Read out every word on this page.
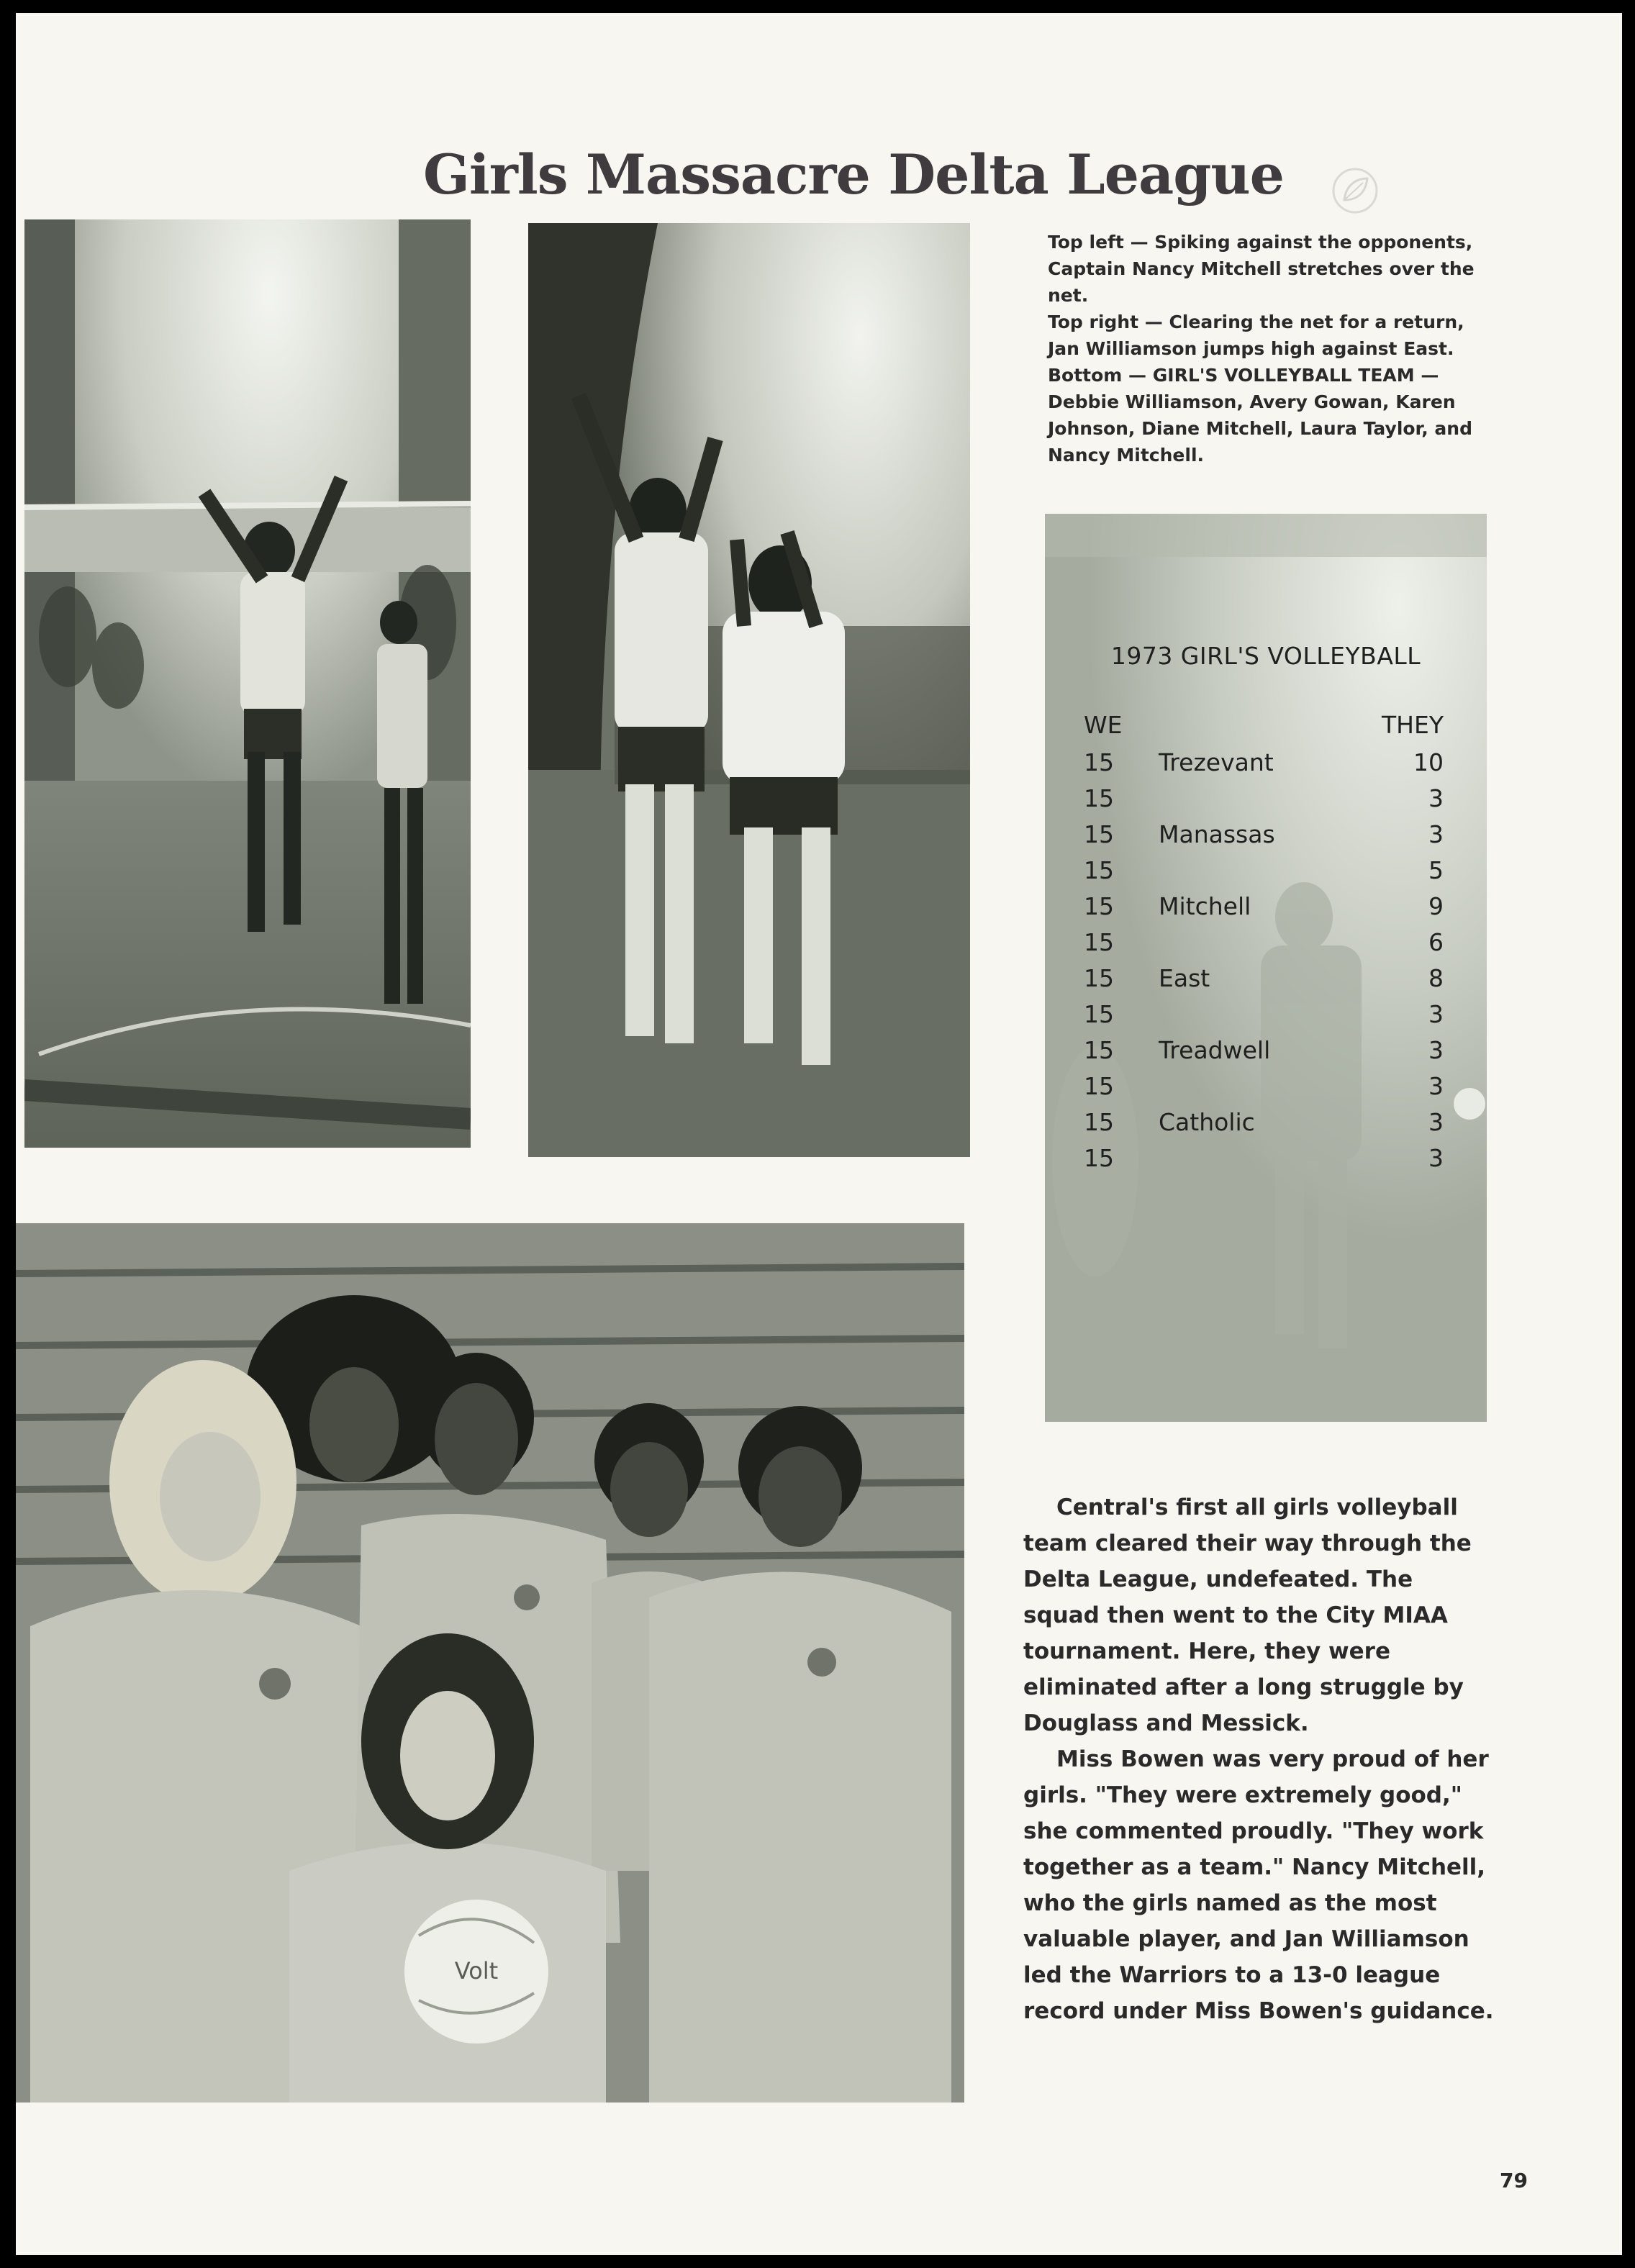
Girls Massacre Delta League
Volt

Top left — Spiking against the opponents, Captain Nancy Mitchell stretches over the net.

Top right — Clearing the net for a return, Jan Williamson jumps high against East.

Bottom — GIRL'S VOLLEYBALL TEAM — Debbie Williamson, Avery Gowan, Karen Johnson, Diane Mitchell, Laura Taylor, and Nancy Mitchell.

1973 GIRL'S VOLLEYBALL
WE	THEY
15 Trezevant	10
15	3
15 Manassas	3
15	5
15 Mitchell	9
15	6
15 East	8
15	3
15 Treadwell	3
15	3
15 Catholic	3
15	3

Central's first all girls volleyball team cleared their way through the Delta League, undefeated. The squad then went to the City MIAA tournament. Here, they were eliminated after a long struggle by Douglass and Messick.

Miss Bowen was very proud of her girls. "They were extremely good," she commented proudly. "They work together as a team." Nancy Mitchell, who the girls named as the most valuable player, and Jan Williamson led the Warriors to a 13-0 league record under Miss Bowen's guidance.

79
